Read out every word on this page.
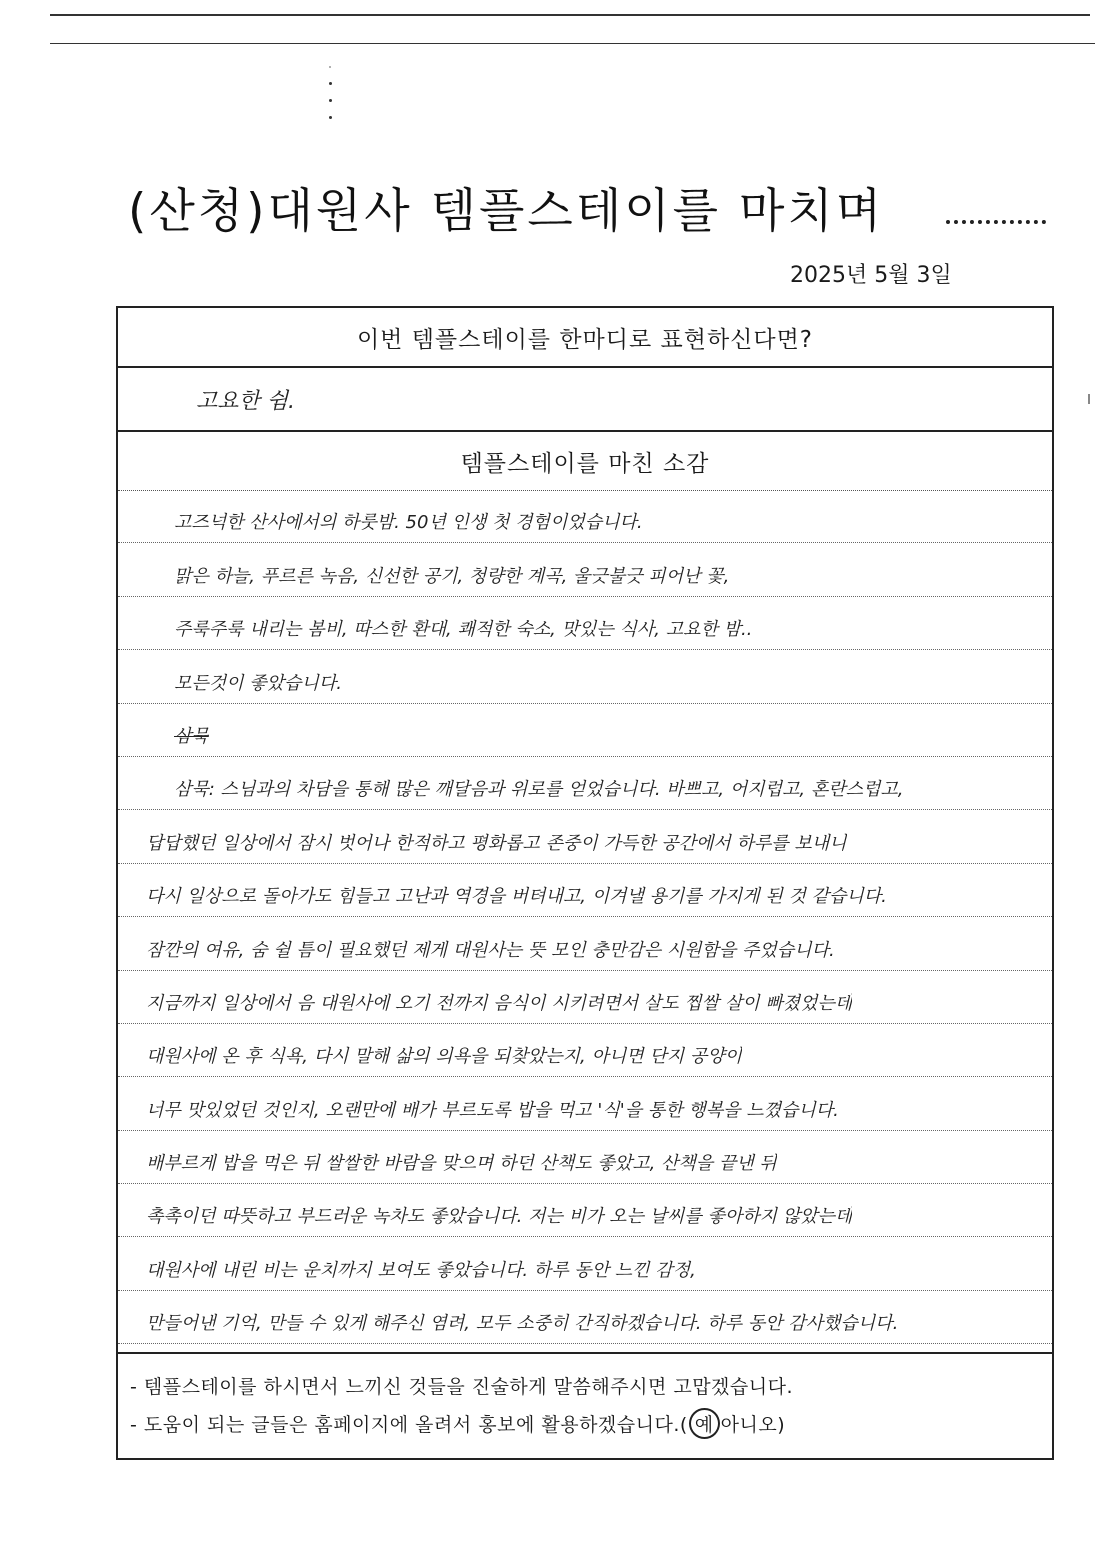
(산청)대원사 템플스테이를 마치며
2025년 5월 3일
이번 템플스테이를 한마디로 표현하신다면?
고요한 쉼.
템플스테이를 마친 소감
고즈넉한 산사에서의 하룻밤. 50년 인생 첫 경험이었습니다.
맑은 하늘, 푸르른 녹음, 신선한 공기, 청량한 계곡, 울긋불긋 피어난 꽃,
주룩주룩 내리는 봄비, 따스한 환대, 쾌적한 숙소, 맛있는 식사, 고요한 밤..
모든것이 좋았습니다.
삼묵
삼묵: 스님과의 차담을 통해 많은 깨달음과 위로를 얻었습니다. 바쁘고, 어지럽고, 혼란스럽고,
답답했던 일상에서 잠시 벗어나 한적하고 평화롭고 존중이 가득한 공간에서 하루를 보내니
다시 일상으로 돌아가도 힘들고 고난과 역경을 버텨내고, 이겨낼 용기를 가지게 된 것 같습니다.
잠깐의 여유, 숨 쉴 틈이 필요했던 제게 대원사는 뜻 모인 충만감은 시원함을 주었습니다.
지금까지 일상에서 음 대원사에 오기 전까지 음식이 시키려면서 살도 찝쌀 살이 빠졌었는데
대원사에 온 후 식욕, 다시 말해 삶의 의욕을 되찾았는지, 아니면 단지 공양이
너무 맛있었던 것인지, 오랜만에 배가 부르도록 밥을 먹고 '식'을 통한 행복을 느꼈습니다.
배부르게 밥을 먹은 뒤 쌀쌀한 바람을 맞으며 하던 산책도 좋았고, 산책을 끝낸 뒤
촉촉이던 따뜻하고 부드러운 녹차도 좋았습니다. 저는 비가 오는 날씨를 좋아하지 않았는데
대원사에 내린 비는 운치까지 보여도 좋았습니다. 하루 동안 느낀 감정,
만들어낸 기억, 만들 수 있게 해주신 염려, 모두 소중히 간직하겠습니다. 하루 동안 감사했습니다.
- 템플스테이를 하시면서 느끼신 것들을 진술하게 말씀해주시면 고맙겠습니다.
- 도움이 되는 글들은 홈페이지에 올려서 홍보에 활용하겠습니다.( 예 아니오)
